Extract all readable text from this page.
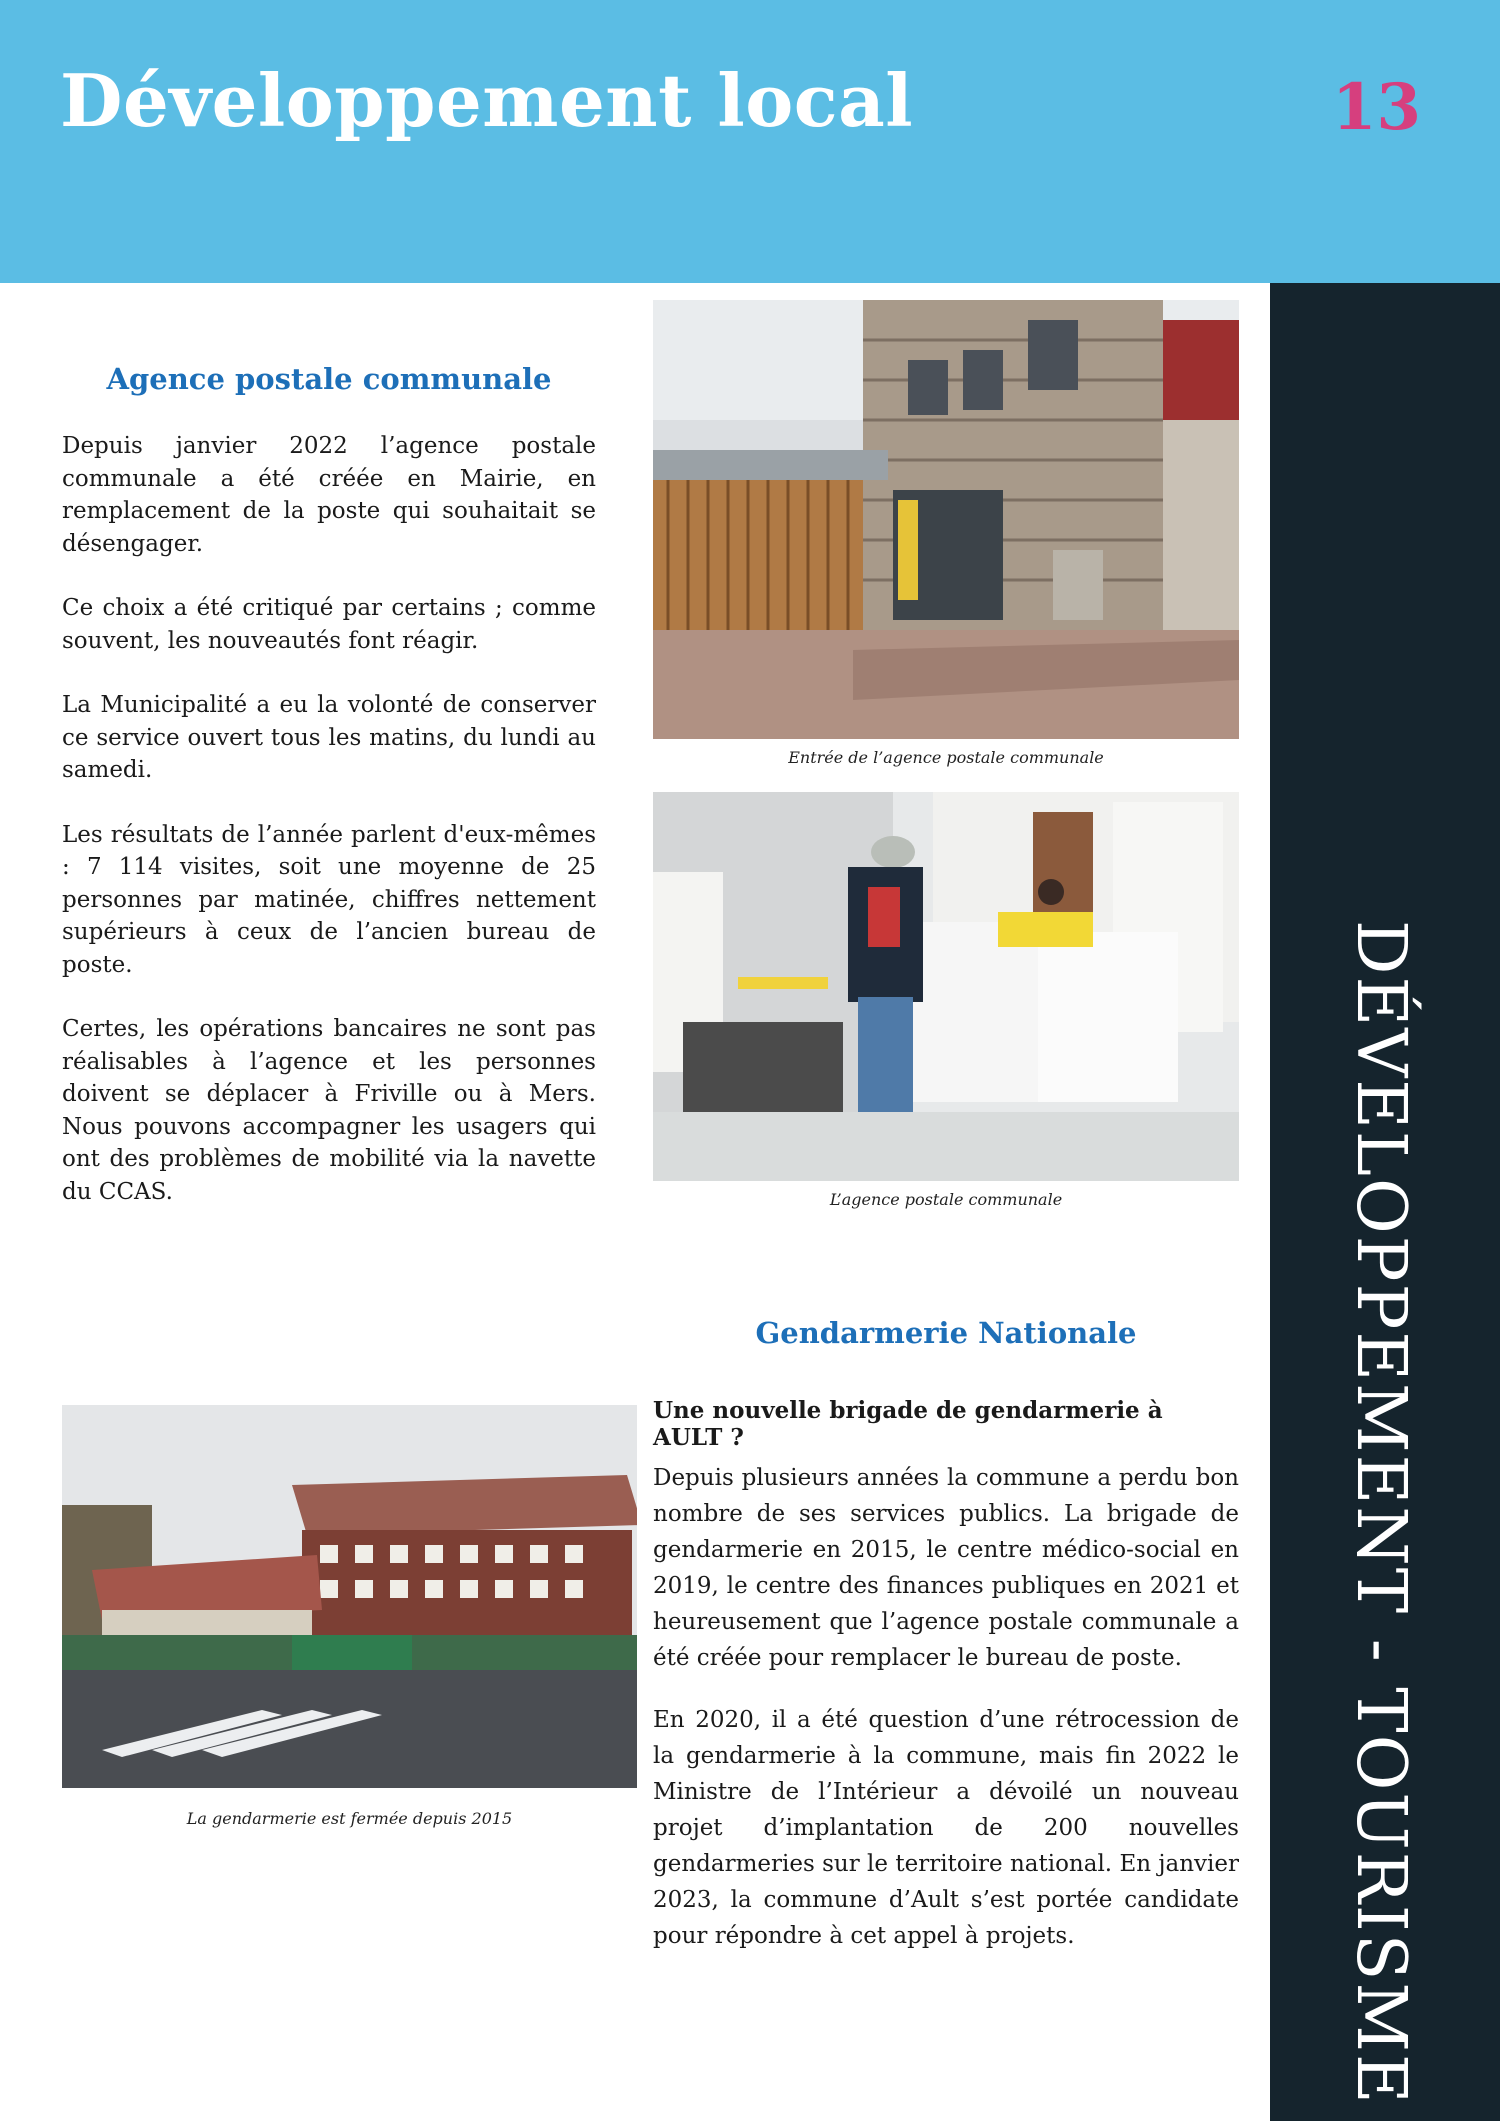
Développement local	13
DÉVELOPPEMENT - TOURISME
Agence postale communale

Depuis janvier 2022 l’agence postale communale a été créée en Mairie, en remplacement de la poste qui souhaitait se désengager.

Ce choix a été critiqué par certains ; comme souvent, les nouveautés font réagir.

La Municipalité a eu la volonté de conserver ce service ouvert tous les matins, du lundi au samedi.

Les résultats de l’année parlent d'eux-mêmes : 7 114 visites, soit une moyenne de 25 personnes par matinée, chiffres nettement supérieurs à ceux de l’ancien bureau de poste.

Certes, les opérations bancaires ne sont pas réalisables à l’agence et les personnes doivent se déplacer à Friville ou à Mers. Nous pouvons accompagner les usagers qui ont des problèmes de mobilité via la navette du CCAS.

Entrée de l’agence postale communale

L’agence postale communale

Gendarmerie Nationale

Une nouvelle brigade de gendarmerie à AULT ?

Depuis plusieurs années la commune a perdu bon nombre de ses services publics. La brigade de gendarmerie en 2015, le centre médico-social en 2019, le centre des finances publiques en 2021 et heureusement que l’agence postale communale a été créée pour remplacer le bureau de poste.

En 2020, il a été question d’une rétrocession de la gendarmerie à la commune, mais fin 2022 le Ministre de l’Intérieur a dévoilé un nouveau projet d’implantation de 200 nouvelles gendarmeries sur le territoire national. En janvier 2023, la commune d’Ault s’est portée candidate pour répondre à cet appel à projets.

La gendarmerie est fermée depuis 2015
